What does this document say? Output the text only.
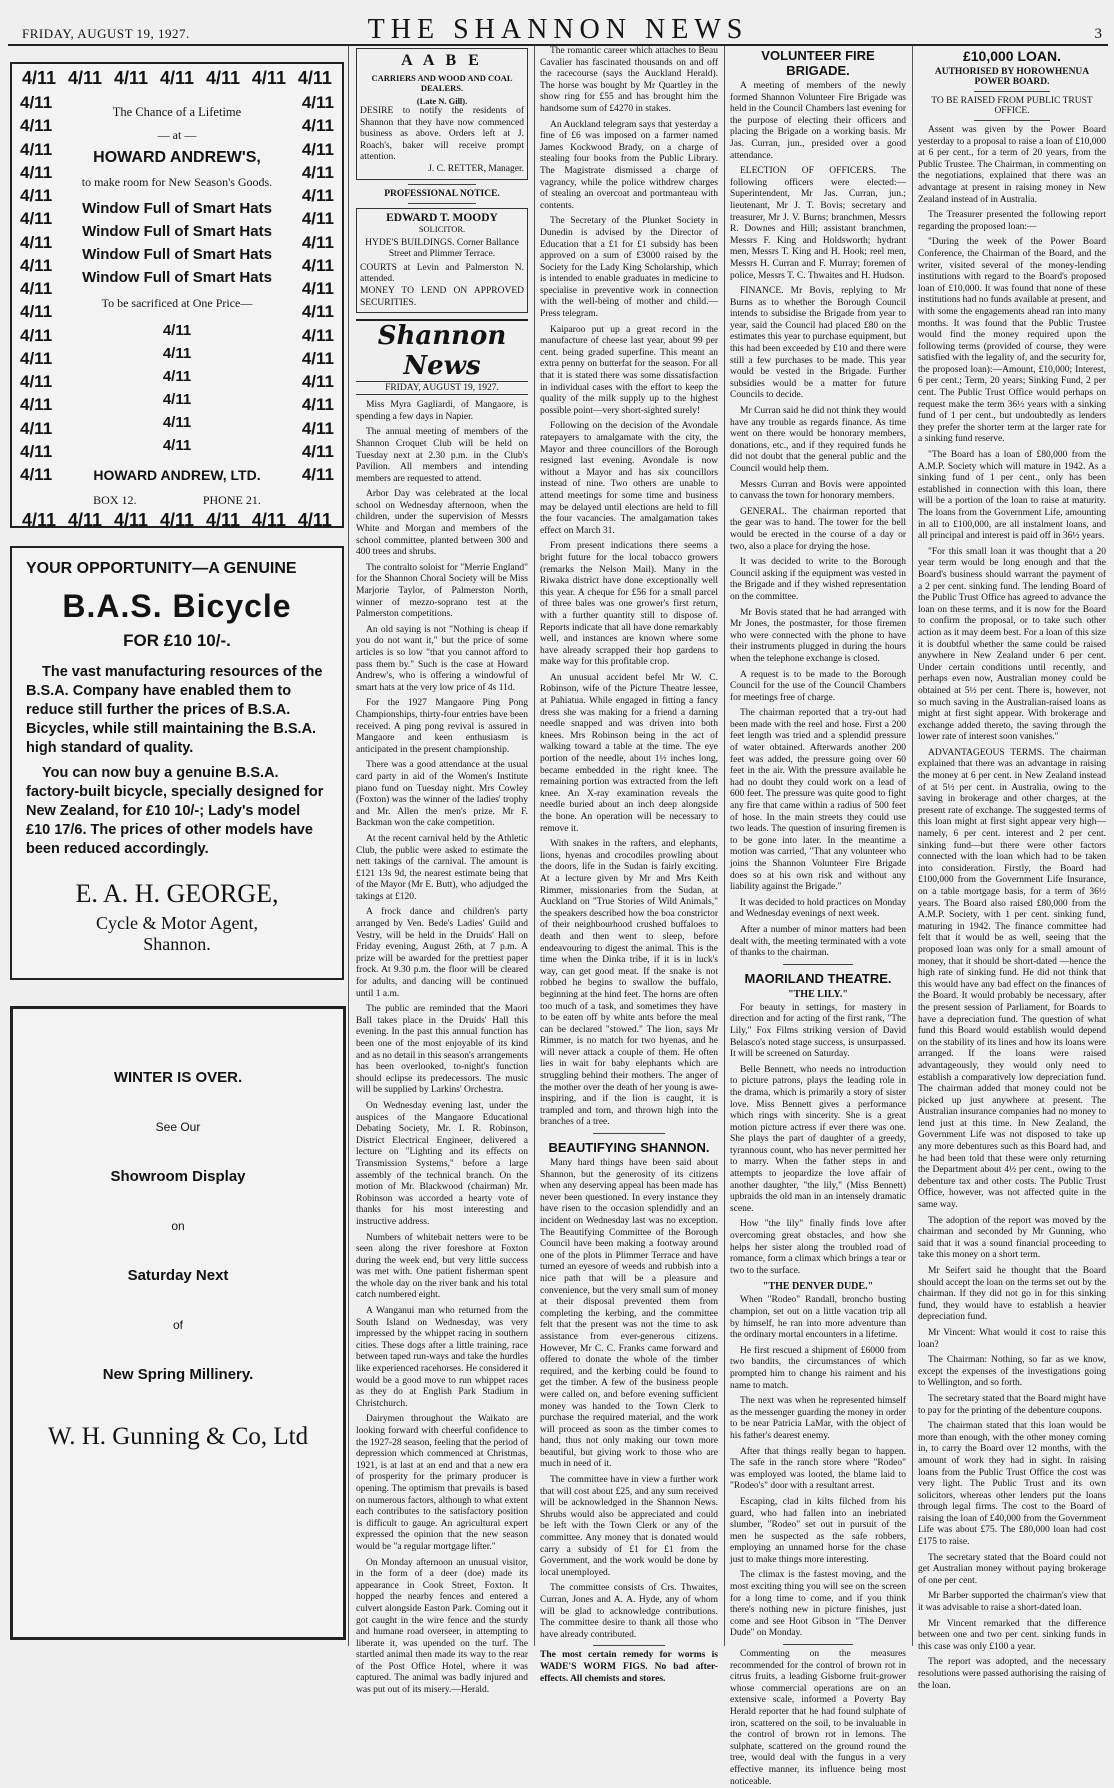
FRIDAY, AUGUST 19, 1927.	THE SHANNON NEWS	3
4/11 4/11 4/11 4/11 4/11 4/11 4/11
4/11
4/11
4/11
4/11
4/11
4/11
4/11
4/11
4/11
4/11
4/11
4/11
4/11
4/11
4/11
4/11
4/11
The Chance of a Lifetime
— at —
HOWARD ANDREW'S,
to make room for New Season's Goods.
Window Full of Smart Hats
Window Full of Smart Hats
Window Full of Smart Hats
Window Full of Smart Hats
To be sacrificed at One Price—
4/11
4/11
4/11
4/11
4/11
4/11
HOWARD ANDREW, LTD.
BOX 12.	PHONE 21.
4/11
4/11
4/11
4/11
4/11
4/11
4/11
4/11
4/11
4/11
4/11
4/11
4/11
4/11
4/11
4/11
4/11
4/11 4/11 4/11 4/11 4/11 4/11 4/11
YOUR OPPORTUNITY—A GENUINE
B.A.S. Bicycle
FOR £10 10/-.
The vast manufacturing resources of the B.S.A. Company have enabled them to reduce still further the prices of B.S.A. Bicycles, while still maintaining the B.S.A. high standard of quality.
You can now buy a genuine B.S.A. factory-built bicycle, specially designed for New Zealand, for £10 10/-; Lady's model £10 17/6. The prices of other models have been reduced accordingly.
E. A. H. GEORGE,
Cycle & Motor Agent,
Shannon.
WINTER IS OVER.
See Our
Showroom Display
on
Saturday Next
of
New Spring Millinery.
W. H. Gunning & Co, Ltd
A A B E
CARRIERS AND WOOD AND COAL DEALERS.
(Late N. Gill).
DESIRE to notify the residents of Shannon that they have now commenced business as above. Orders left at J. Roach's, baker will receive prompt attention.
J. C. RETTER, Manager.
PROFESSIONAL NOTICE.
EDWARD T. MOODY
SOLICITOR.
HYDE'S BUILDINGS. Corner Ballance Street and Plimmer Terrace.
COURTS at Levin and Palmerston N. attended.
MONEY TO LEND ON APPROVED SECURITIES.
Shannon News
FRIDAY, AUGUST 19, 1927.

Miss Myra Gagliardi, of Mangaore, is spending a few days in Napier.

The annual meeting of members of the Shannon Croquet Club will be held on Tuesday next at 2.30 p.m. in the Club's Pavilion. All members and intending members are requested to attend.

Arbor Day was celebrated at the local school on Wednesday afternoon, when the children, under the supervision of Messrs White and Morgan and members of the school committee, planted between 300 and 400 trees and shrubs.

The contralto soloist for "Merrie England" for the Shannon Choral Society will be Miss Marjorie Taylor, of Palmerston North, winner of mezzo-soprano test at the Palmerston competitions.

An old saying is not "Nothing is cheap if you do not want it," but the price of some articles is so low "that you cannot afford to pass them by." Such is the case at Howard Andrew's, who is offering a windowful of smart hats at the very low price of 4s 11d.

For the 1927 Mangaore Ping Pong Championships, thirty-four entries have been received. A ping pong revival is assured in Mangaore and keen enthusiasm is anticipated in the present championship.

There was a good attendance at the usual card party in aid of the Women's Institute piano fund on Tuesday night. Mrs Cowley (Foxton) was the winner of the ladies' trophy and Mr. Allen the men's prize. Mr F. Backman won the cake competition.

At the recent carnival held by the Athletic Club, the public were asked to estimate the nett takings of the carnival. The amount is £121 13s 9d, the nearest estimate being that of the Mayor (Mr E. Butt), who adjudged the takings at £120.

A frock dance and children's party arranged by Ven. Bede's Ladies' Guild and Vestry, will be held in the Druids' Hall on Friday evening, August 26th, at 7 p.m. A prize will be awarded for the prettiest paper frock. At 9.30 p.m. the floor will be cleared for adults, and dancing will be continued until 1 a.m.

The public are reminded that the Maori Ball takes place in the Druids' Hall this evening. In the past this annual function has been one of the most enjoyable of its kind and as no detail in this season's arrangements has been overlooked, to-night's function should eclipse its predecessors. The music will be supplied by Larkins' Orchestra.

On Wednesday evening last, under the auspices of the Mangaore Educational Debating Society, Mr. I. R. Robinson, District Electrical Engineer, delivered a lecture on "Lighting and its effects on Transmission Systems," before a large assembly of the technical branch. On the motion of Mr. Blackwood (chairman) Mr. Robinson was accorded a hearty vote of thanks for his most interesting and instructive address.

Numbers of whitebait netters were to be seen along the river foreshore at Foxton during the week end, but very little success was met with. One patient fisherman spent the whole day on the river bank and his total catch numbered eight.

A Wanganui man who returned from the South Island on Wednesday, was very impressed by the whippet racing in southern cities. These dogs after a little training, race between taped run-ways and take the hurdles like experienced racehorses. He considered it would be a good move to run whippet races as they do at English Park Stadium in Christchurch.

Dairymen throughout the Waikato are looking forward with cheerful confidence to the 1927-28 season, feeling that the period of depression which commenced at Christmas, 1921, is at last at an end and that a new era of prosperity for the primary producer is opening. The optimism that prevails is based on numerous factors, although to what extent each contributes to the satisfactory position is difficult to gauge. An agricultural expert expressed the opinion that the new season would be "a regular mortgage lifter."

On Monday afternoon an unusual visitor, in the form of a deer (doe) made its appearance in Cook Street, Foxton. It hopped the nearby fences and entered a culvert alongside Easton Park. Coming out it got caught in the wire fence and the sturdy and humane road overseer, in attempting to liberate it, was upended on the turf. The startled animal then made its way to the rear of the Post Office Hotel, where it was captured. The animal was badly injured and was put out of its misery.—Herald.

The romantic career which attaches to Beau Cavalier has fascinated thousands on and off the racecourse (says the Auckland Herald). The horse was bought by Mr Quartley in the show ring for £55 and has brought him the handsome sum of £4270 in stakes.

An Auckland telegram says that yesterday a fine of £6 was imposed on a farmer named James Kockwood Brady, on a charge of stealing four books from the Public Library. The Magistrate dismissed a charge of vagrancy, while the police withdrew charges of stealing an overcoat and portmanteau with contents.

The Secretary of the Plunket Society in Dunedin is advised by the Director of Education that a £1 for £1 subsidy has been approved on a sum of £3000 raised by the Society for the Lady King Scholarship, which is intended to enable graduates in medicine to specialise in preventive work in connection with the well-being of mother and child.—Press telegram.

Kaiparoo put up a great record in the manufacture of cheese last year, about 99 per cent. being graded superfine. This meant an extra penny on butterfat for the season. For all that it is stated there was some dissatisfaction in individual cases with the effort to keep the quality of the milk supply up to the highest possible point—very short-sighted surely!

Following on the decision of the Avondale ratepayers to amalgamate with the city, the Mayor and three councillors of the Borough resigned last evening. Avondale is now without a Mayor and has six councillors instead of nine. Two others are unable to attend meetings for some time and business may be delayed until elections are held to fill the four vacancies. The amalgamation takes effect on March 31.

From present indications there seems a bright future for the local tobacco growers (remarks the Nelson Mail). Many in the Riwaka district have done exceptionally well this year. A cheque for £56 for a small parcel of three bales was one grower's first return, with a further quantity still to dispose of. Reports indicate that all have done remarkably well, and instances are known where some have already scrapped their hop gardens to make way for this profitable crop.

An unusual accident befel Mr W. C. Robinson, wife of the Picture Theatre lessee, at Pahiatua. While engaged in fitting a fancy dress she was making for a friend a darning needle snapped and was driven into both knees. Mrs Robinson being in the act of walking toward a table at the time. The eye portion of the needle, about 1½ inches long, became embedded in the right knee. The remaining portion was extracted from the left knee. An X-ray examination reveals the needle buried about an inch deep alongside the bone. An operation will be necessary to remove it.

With snakes in the rafters, and elephants, lions, hyenas and crocodiles prowling about the doors, life in the Sudan is fairly exciting. At a lecture given by Mr and Mrs Keith Rimmer, missionaries from the Sudan, at Auckland on "True Stories of Wild Animals," the speakers described how the boa constrictor of their neighbourhood crushed buffaloes to death and then went to sleep, before endeavouring to digest the animal. This is the time when the Dinka tribe, if it is in luck's way, can get good meat. If the snake is not robbed he begins to swallow the buffalo, beginning at the hind feet. The horns are often too much of a task, and sometimes they have to be eaten off by white ants before the meal can be declared "stowed." The lion, says Mr Rimmer, is no match for two hyenas, and he will never attack a couple of them. He often lies in wait for baby elephants which are struggling behind their mothers. The anger of the mother over the death of her young is awe-inspiring, and if the lion is caught, it is trampled and torn, and thrown high into the branches of a tree.

BEAUTIFYING SHANNON.

Many hard things have been said about Shannon, but the generosity of its citizens when any deserving appeal has been made has never been questioned. In every instance they have risen to the occasion splendidly and an incident on Wednesday last was no exception. The Beautifying Committee of the Borough Council have been making a footway around one of the plots in Plimmer Terrace and have turned an eyesore of weeds and rubbish into a nice path that will be a pleasure and convenience, but the very small sum of money at their disposal prevented them from completing the kerbing, and the committee felt that the present was not the time to ask assistance from ever-generous citizens. However, Mr C. C. Franks came forward and offered to donate the whole of the timber required, and the kerbing could be found to get the timber. A few of the business people were called on, and before evening sufficient money was handed to the Town Clerk to purchase the required material, and the work will proceed as soon as the timber comes to hand, thus not only making our town more beautiful, but giving work to those who are much in need of it.

The committee have in view a further work that will cost about £25, and any sum received will be acknowledged in the Shannon News. Shrubs would also be appreciated and could be left with the Town Clerk or any of the committee. Any money that is donated would carry a subsidy of £1 for £1 from the Government, and the work would be done by local unemployed.

The committee consists of Crs. Thwaites, Curran, Jones and A. A. Hyde, any of whom will be glad to acknowledge contributions. The committee desire to thank all those who have already contributed.

The most certain remedy for worms is WADE'S WORM FIGS. No bad after-effects. All chemists and stores.
VOLUNTEER FIRE BRIGADE.

A meeting of members of the newly formed Shannon Volunteer Fire Brigade was held in the Council Chambers last evening for the purpose of electing their officers and placing the Brigade on a working basis. Mr Jas. Curran, jun., presided over a good attendance.

ELECTION OF OFFICERS. The following officers were elected:—Superintendent, Mr Jas. Curran, jun.; lieutenant, Mr J. T. Bovis; secretary and treasurer, Mr J. V. Burns; branchmen, Messrs R. Downes and Hill; assistant branchmen, Messrs F. King and Holdsworth; hydrant men, Messrs T. King and H. Hook; reel men, Messrs H. Curran and F. Murray; foremen of police, Messrs T. C. Thwaites and H. Hudson.

FINANCE. Mr Bovis, replying to Mr Burns as to whether the Borough Council intends to subsidise the Brigade from year to year, said the Council had placed £80 on the estimates this year to purchase equipment, but this had been exceeded by £10 and there were still a few purchases to be made. This year would be vested in the Brigade. Further subsidies would be a matter for future Councils to decide.

Mr Curran said he did not think they would have any trouble as regards finance. As time went on there would be honorary members, donations, etc., and if they required funds he did not doubt that the general public and the Council would help them.

Messrs Curran and Bovis were appointed to canvass the town for honorary members.

GENERAL. The chairman reported that the gear was to hand. The tower for the bell would be erected in the course of a day or two, also a place for drying the hose.

It was decided to write to the Borough Council asking if the equipment was vested in the Brigade and if they wished representation on the committee.

Mr Bovis stated that he had arranged with Mr Jones, the postmaster, for those firemen who were connected with the phone to have their instruments plugged in during the hours when the telephone exchange is closed.

A request is to be made to the Borough Council for the use of the Council Chambers for meetings free of charge.

The chairman reported that a try-out had been made with the reel and hose. First a 200 feet length was tried and a splendid pressure of water obtained. Afterwards another 200 feet was added, the pressure going over 60 feet in the air. With the pressure available he had no doubt they could work on a lead of 600 feet. The pressure was quite good to fight any fire that came within a radius of 500 feet of hose. In the main streets they could use two leads. The question of insuring firemen is to be gone into later. In the meantime a motion was carried, "That any volunteer who joins the Shannon Volunteer Fire Brigade does so at his own risk and without any liability against the Brigade."

It was decided to hold practices on Monday and Wednesday evenings of next week.

After a number of minor matters had been dealt with, the meeting terminated with a vote of thanks to the chairman.

MAORILAND THEATRE.
"THE LILY."

For beauty in settings, for mastery in direction and for acting of the first rank, "The Lily," Fox Films striking version of David Belasco's noted stage success, is unsurpassed. It will be screened on Saturday.

Belle Bennett, who needs no introduction to picture patrons, plays the leading role in the drama, which is primarily a story of sister love. Miss Bennett gives a performance which rings with sincerity. She is a great motion picture actress if ever there was one. She plays the part of daughter of a greedy, tyrannous count, who has never permitted her to marry. When the father steps in and attempts to jeopardize the love affair of another daughter, "the lily," (Miss Bennett) upbraids the old man in an intensely dramatic scene.

How "the lily" finally finds love after overcoming great obstacles, and how she helps her sister along the troubled road of romance, form a climax which brings a tear or two to the surface.

"THE DENVER DUDE."

When "Rodeo" Randall, broncho busting champion, set out on a little vacation trip all by himself, he ran into more adventure than the ordinary mortal encounters in a lifetime.

He first rescued a shipment of £6000 from two bandits, the circumstances of which prompted him to change his raiment and his name to match.

The next was when he represented himself as the messenger guarding the money in order to be near Patricia LaMar, with the object of his father's dearest enemy.

After that things really began to happen. The safe in the ranch store where "Rodeo" was employed was looted, the blame laid to "Rodeo's" door with a resultant arrest.

Escaping, clad in kilts filched from his guard, who had fallen into an inebriated slumber, "Rodeo" set out in pursuit of the men he suspected as the safe robbers, employing an unnamed horse for the chase just to make things more interesting.

The climax is the fastest moving, and the most exciting thing you will see on the screen for a long time to come, and if you think there's nothing new in picture finishes, just come and see Hoot Gibson in "The Denver Dude" on Monday.

Commenting on the measures recommended for the control of brown rot in citrus fruits, a leading Gisborne fruit-grower whose commercial operations are on an extensive scale, informed a Poverty Bay Herald reporter that he had found sulphate of iron, scattered on the soil, to be invaluable in the control of brown rot in lemons. The sulphate, scattered on the ground round the tree, would deal with the fungus in a very effective manner, its influence being most noticeable.

£10,000 LOAN.
AUTHORISED BY HOROWHENUA POWER BOARD.
TO BE RAISED FROM PUBLIC TRUST OFFICE.

Assent was given by the Power Board yesterday to a proposal to raise a loan of £10,000 at 6 per cent., for a term of 20 years, from the Public Trustee. The Chairman, in commenting on the negotiations, explained that there was an advantage at present in raising money in New Zealand instead of in Australia.

The Treasurer presented the following report regarding the proposed loan:—

"During the week of the Power Board Conference, the Chairman of the Board, and the writer, visited several of the money-lending institutions with regard to the Board's proposed loan of £10,000. It was found that none of these institutions had no funds available at present, and with some the engagements ahead ran into many months. It was found that the Public Trustee would find the money required upon the following terms (provided of course, they were satisfied with the legality of, and the security for, the proposed loan):—Amount, £10,000; Interest, 6 per cent.; Term, 20 years; Sinking Fund, 2 per cent. The Public Trust Office would perhaps on request make the term 36½ years with a sinking fund of 1 per cent., but undoubtedly as lenders they prefer the shorter term at the larger rate for a sinking fund reserve.

"The Board has a loan of £80,000 from the A.M.P. Society which will mature in 1942. As a sinking fund of 1 per cent., only has been established in connection with this loan, there will be a portion of the loan to raise at maturity. The loans from the Government Life, amounting in all to £100,000, are all instalment loans, and all principal and interest is paid off in 36½ years.

"For this small loan it was thought that a 20 year term would be long enough and that the Board's business should warrant the payment of a 2 per cent. sinking fund. The lending Board of the Public Trust Office has agreed to advance the loan on these terms, and it is now for the Board to confirm the proposal, or to take such other action as it may deem best. For a loan of this size it is doubtful whether the same could be raised anywhere in New Zealand under 6 per cent. Under certain conditions until recently, and perhaps even now, Australian money could be obtained at 5½ per cent. There is, however, not so much saving in the Australian-raised loans as might at first sight appear. With brokerage and exchange added thereto, the saving through the lower rate of interest soon vanishes."

ADVANTAGEOUS TERMS. The chairman explained that there was an advantage in raising the money at 6 per cent. in New Zealand instead of at 5½ per cent. in Australia, owing to the saving in brokerage and other charges, at the present rate of exchange. The suggested terms of this loan might at first sight appear very high—namely, 6 per cent. interest and 2 per cent. sinking fund—but there were other factors connected with the loan which had to be taken into consideration. Firstly, the Board had £100,000 from the Government Life Insurance, on a table mortgage basis, for a term of 36½ years. The Board also raised £80,000 from the A.M.P. Society, with 1 per cent. sinking fund, maturing in 1942. The finance committee had felt that it would be as well, seeing that the proposed loan was only for a small amount of money, that it should be short-dated —hence the high rate of sinking fund. He did not think that this would have any bad effect on the finances of the Board. It would probably be necessary, after the present session of Parliament, for Boards to have a depreciation fund. The question of what fund this Board would establish would depend on the stability of its lines and how its loans were arranged. If the loans were raised advantageously, they would only need to establish a comparatively low depreciation fund. The chairman added that money could not be picked up just anywhere at present. The Australian insurance companies had no money to lend just at this time. In New Zealand, the Government Life was not disposed to take up any more debentures such as this Board had, and he had been told that these were only returning the Department about 4½ per cent., owing to the debenture tax and other costs. The Public Trust Office, however, was not affected quite in the same way.

The adoption of the report was moved by the chairman and seconded by Mr Gunning, who said that it was a sound financial proceeding to take this money on a short term.

Mr Seifert said he thought that the Board should accept the loan on the terms set out by the chairman. If they did not go in for this sinking fund, they would have to establish a heavier depreciation fund.

Mr Vincent: What would it cost to raise this loan?

The Chairman: Nothing, so far as we know, except the expenses of the investigations going to Wellington, and so forth.

The secretary stated that the Board might have to pay for the printing of the debenture coupons.

The chairman stated that this loan would be more than enough, with the other money coming in, to carry the Board over 12 months, with the amount of work they had in sight. In raising loans from the Public Trust Office the cost was very light. The Public Trust and its own solicitors, whereas other lenders put the loans through legal firms. The cost to the Board of raising the loan of £40,000 from the Government Life was about £75. The £80,000 loan had cost £175 to raise.

The secretary stated that the Board could not get Australian money without paying brokerage of one per cent.

Mr Barber supported the chairman's view that it was advisable to raise a short-dated loan.

Mr Vincent remarked that the difference between one and two per cent. sinking funds in this case was only £100 a year.

The report was adopted, and the necessary resolutions were passed authorising the raising of the loan.
